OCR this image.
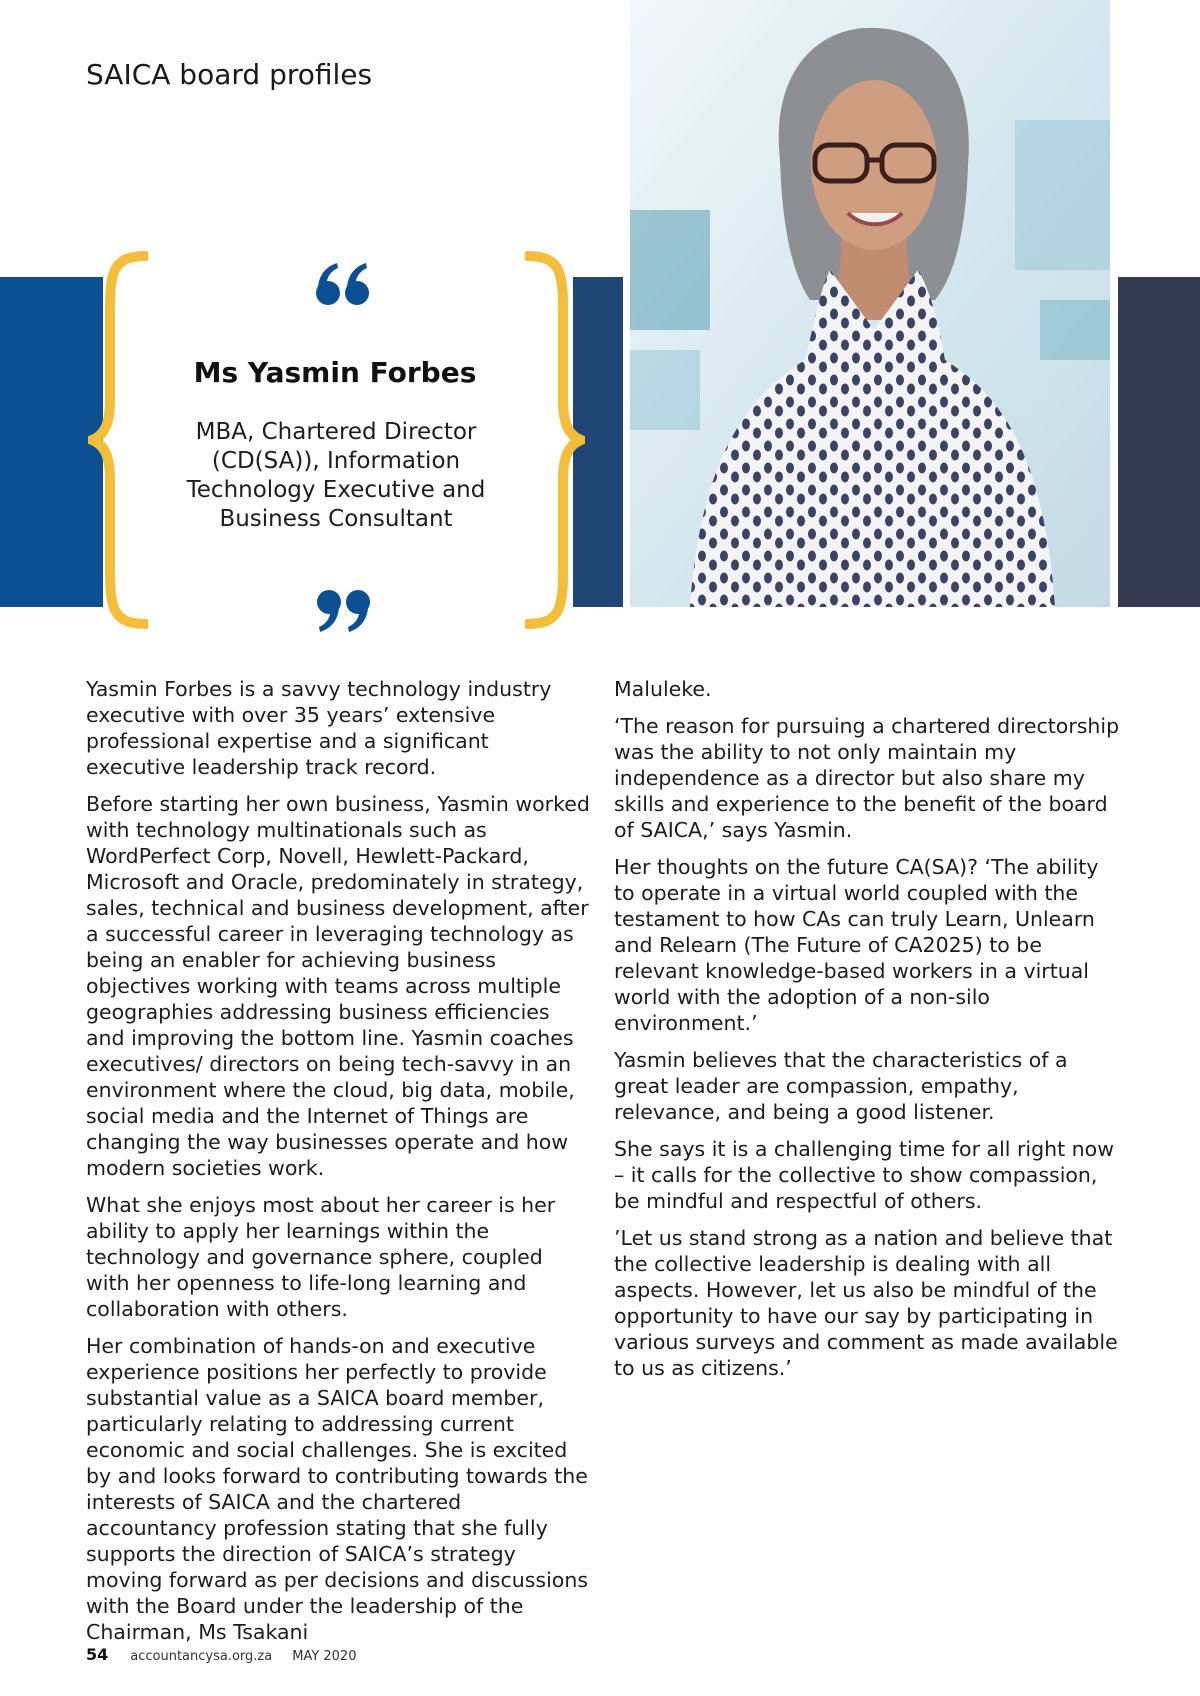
SAICA board profiles
Ms Yasmin Forbes
MBA, Chartered Director (CD(SA)), Information Technology Executive and Business Consultant

Yasmin Forbes is a savvy technology industry executive with over 35 years’ extensive professional expertise and a significant executive leadership track record.

Before starting her own business, Yasmin worked with technology multinationals such as WordPerfect Corp, Novell, Hewlett-Packard, Microsoft and Oracle, predominately in strategy, sales, technical and business development, after a successful career in leveraging technology as being an enabler for achieving business objectives working with teams across multiple geographies addressing business efficiencies and improving the bottom line. Yasmin coaches executives/ directors on being tech-savvy in an environment where the cloud, big data, mobile, social media and the Internet of Things are changing the way businesses operate and how modern societies work.

What she enjoys most about her career is her ability to apply her learnings within the technology and governance sphere, coupled with her openness to life-long learning and collaboration with others.

Her combination of hands-on and executive experience positions her perfectly to provide substantial value as a SAICA board member, particularly relating to addressing current economic and social challenges. She is excited by and looks forward to contributing towards the interests of SAICA and the chartered accountancy profession stating that she fully supports the direction of SAICA’s strategy moving forward as per decisions and discussions with the Board under the leadership of the Chairman, Ms Tsakani

Maluleke.

‘The reason for pursuing a chartered directorship was the ability to not only maintain my independence as a director but also share my skills and experience to the benefit of the board of SAICA,’ says Yasmin.

Her thoughts on the future CA(SA)? ‘The ability to operate in a virtual world coupled with the testament to how CAs can truly Learn, Unlearn and Relearn (The Future of CA2025) to be relevant knowledge-based workers in a virtual world with the adoption of a non-silo environment.’

Yasmin believes that the characteristics of a great leader are compassion, empathy, relevance, and being a good listener.

She says it is a challenging time for all right now – it calls for the collective to show compassion, be mindful and respectful of others.

’Let us stand strong as a nation and believe that the collective leadership is dealing with all aspects. However, let us also be mindful of the opportunity to have our say by participating in various surveys and comment as made available to us as citizens.’

54 accountancysa.org.za MAY 2020
